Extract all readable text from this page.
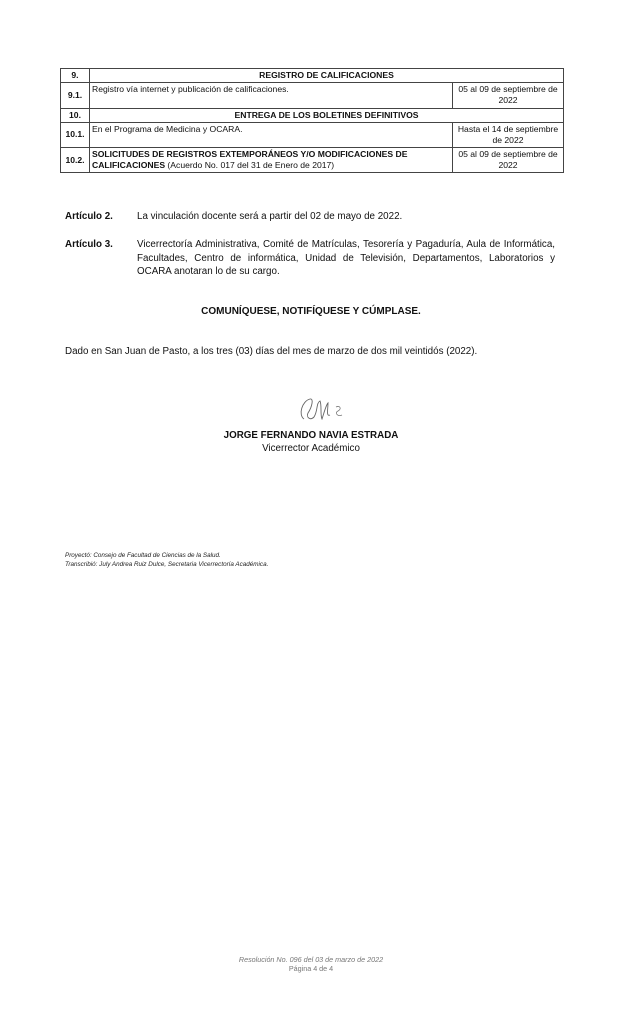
9.	REGISTRO DE CALIFICACIONES	
9.1.	Registro vía internet y publicación de calificaciones.	05 al 09 de septiembre de 2022
10.	ENTREGA DE LOS BOLETINES DEFINITIVOS	
10.1.	En el Programa de Medicina y OCARA.	Hasta el 14 de septiembre de 2022
10.2.	SOLICITUDES DE REGISTROS EXTEMPORÁNEOS Y/O MODIFICACIONES DE CALIFICACIONES (Acuerdo No. 017 del 31 de Enero de 2017)	05 al 09 de septiembre de 2022
Artículo 2. La vinculación docente será a partir del 02 de mayo de 2022.
Artículo 3. Vicerrectoría Administrativa, Comité de Matrículas, Tesorería y Pagaduría, Aula de Informática, Facultades, Centro de informática, Unidad de Televisión, Departamentos, Laboratorios y OCARA anotaran lo de su cargo.
COMUNÍQUESE, NOTIFÍQUESE Y CÚMPLASE.
Dado en San Juan de Pasto, a los tres (03) días del mes de marzo de dos mil veintidós (2022).
JORGE FERNANDO NAVIA ESTRADA
Vicerrector Académico
Proyectó: Consejo de Facultad de Ciencias de la Salud.
Transcribió: July Andrea Ruiz Dulce, Secretaria Vicerrectoría Académica.
Resolución No. 096 del 03 de marzo de 2022
Página 4 de 4
